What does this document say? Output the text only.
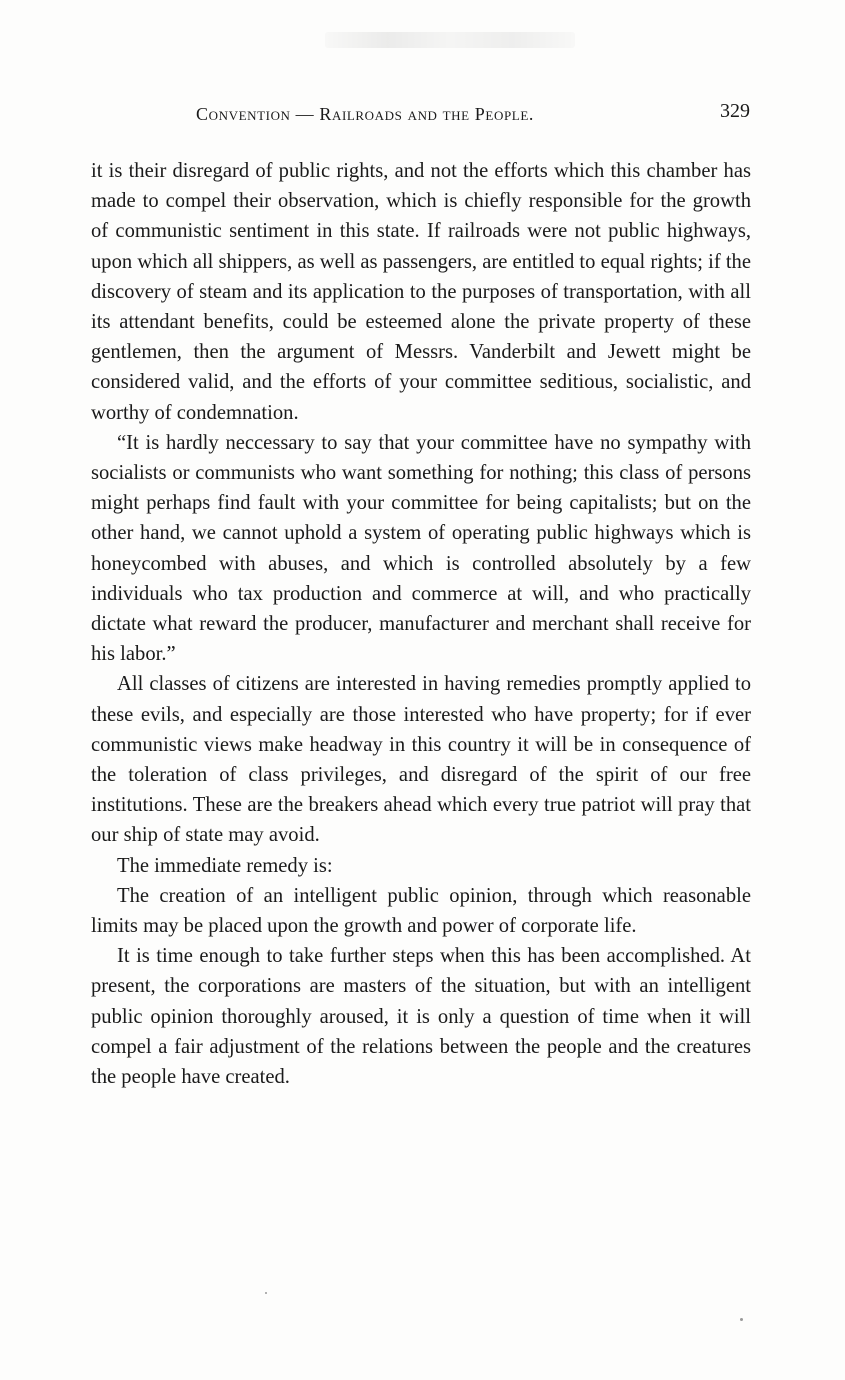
Convention — Railroads and the People.	329

it is their disregard of public rights, and not the efforts which this chamber has made to compel their observation, which is chiefly responsible for the growth of communistic sentiment in this state. If railroads were not public highways, upon which all shippers, as well as passengers, are entitled to equal rights; if the discovery of steam and its application to the purposes of transportation, with all its attendant benefits, could be esteemed alone the private property of these gentlemen, then the argument of Messrs. Vanderbilt and Jewett might be considered valid, and the efforts of your committee seditious, socialistic, and worthy of condemnation.

“It is hardly neccessary to say that your committee have no sympathy with socialists or communists who want something for nothing; this class of persons might perhaps find fault with your committee for being capitalists; but on the other hand, we cannot uphold a system of operating public highways which is honeycombed with abuses, and which is controlled absolutely by a few individuals who tax production and commerce at will, and who practically dictate what reward the producer, manufacturer and merchant shall receive for his labor.”

All classes of citizens are interested in having remedies promptly applied to these evils, and especially are those interested who have property; for if ever communistic views make headway in this country it will be in consequence of the toleration of class privileges, and disregard of the spirit of our free institutions. These are the breakers ahead which every true patriot will pray that our ship of state may avoid.

The immediate remedy is:

The creation of an intelligent public opinion, through which reasonable limits may be placed upon the growth and power of corporate life.

It is time enough to take further steps when this has been accomplished. At present, the corporations are masters of the situation, but with an intelligent public opinion thoroughly aroused, it is only a question of time when it will compel a fair adjustment of the relations between the people and the creatures the people have created.
